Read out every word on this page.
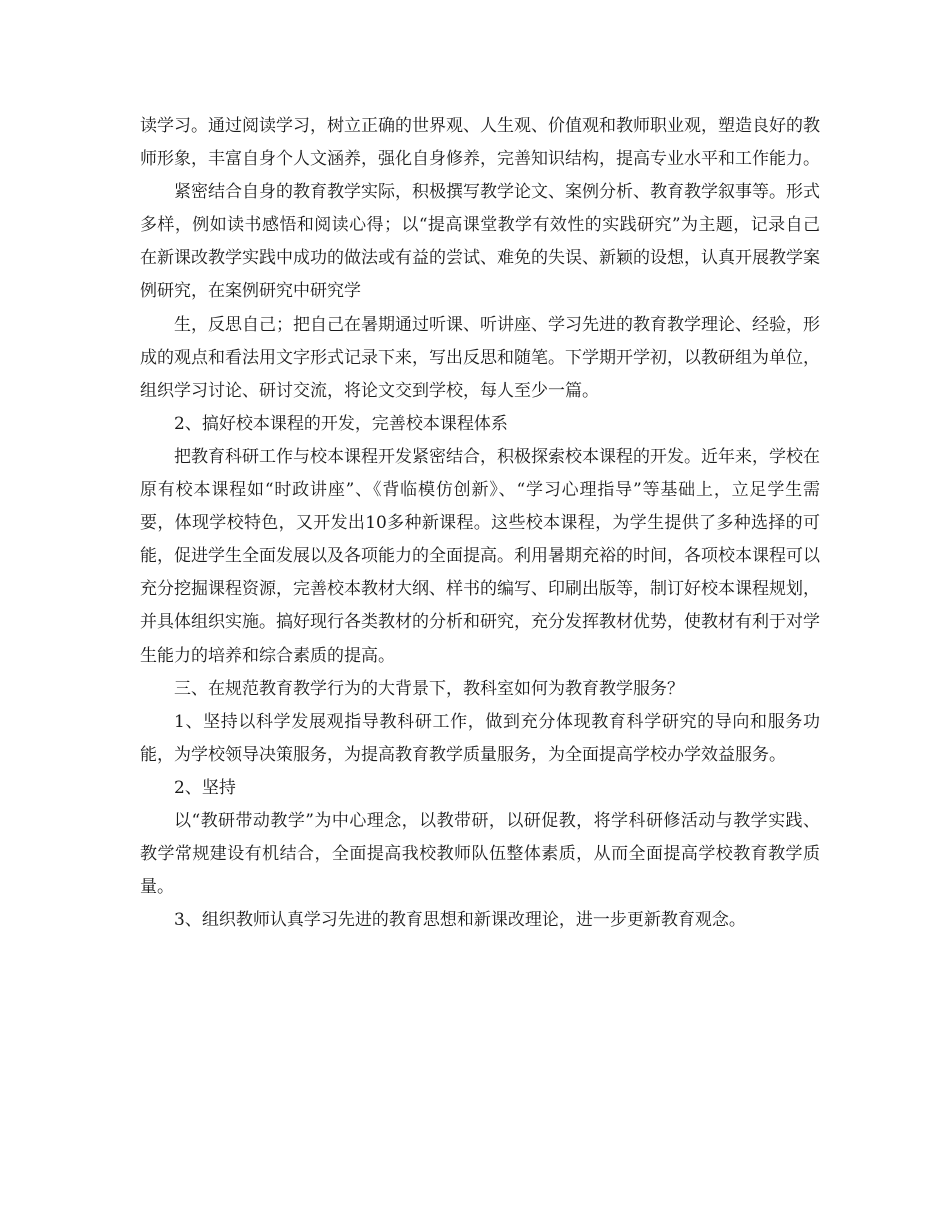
读学习。通过阅读学习，树立正确的世界观、人生观、价值观和教师职业观，塑造良好的教师形象，丰富自身个人文涵养，强化自身修养，完善知识结构，提高专业水平和工作能力。

紧密结合自身的教育教学实际，积极撰写教学论文、案例分析、教育教学叙事等。形式多样，例如读书感悟和阅读心得；以“提高课堂教学有效性的实践研究”为主题，记录自己在新课改教学实践中成功的做法或有益的尝试、难免的失误、新颖的设想，认真开展教学案例研究，在案例研究中研究学

生，反思自己；把自己在暑期通过听课、听讲座、学习先进的教育教学理论、经验，形成的观点和看法用文字形式记录下来，写出反思和随笔。下学期开学初，以教研组为单位，组织学习讨论、研讨交流，将论文交到学校，每人至少一篇。

2、搞好校本课程的开发，完善校本课程体系

把教育科研工作与校本课程开发紧密结合，积极探索校本课程的开发。近年来，学校在原有校本课程如“时政讲座”、《背临模仿创新》、“学习心理指导”等基础上，立足学生需要，体现学校特色，又开发出10多种新课程。这些校本课程，为学生提供了多种选择的可能，促进学生全面发展以及各项能力的全面提高。利用暑期充裕的时间，各项校本课程可以充分挖掘课程资源，完善校本教材大纲、样书的编写、印刷出版等，制订好校本课程规划，并具体组织实施。搞好现行各类教材的分析和研究，充分发挥教材优势，使教材有利于对学生能力的培养和综合素质的提高。

三、在规范教育教学行为的大背景下，教科室如何为教育教学服务？

1、坚持以科学发展观指导教科研工作，做到充分体现教育科学研究的导向和服务功能，为学校领导决策服务，为提高教育教学质量服务，为全面提高学校办学效益服务。

2、坚持

以“教研带动教学”为中心理念，以教带研，以研促教，将学科研修活动与教学实践、教学常规建设有机结合，全面提高我校教师队伍整体素质，从而全面提高学校教育教学质量。

3、组织教师认真学习先进的教育思想和新课改理论，进一步更新教育观念。
